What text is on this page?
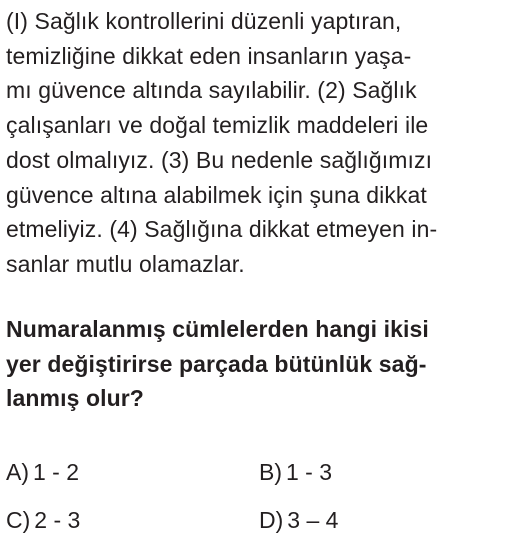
(I) Sağlık kontrollerini düzenli yaptıran,
temizliğine dikkat eden insanların yaşa-
mı güvence altında sayılabilir. (2) Sağlık
çalışanları ve doğal temizlik maddeleri ile
dost olmalıyız. (3) Bu nedenle sağlığımızı
güvence altına alabilmek için şuna dikkat
etmeliyiz. (4) Sağlığına dikkat etmeyen in-
sanlar mutlu olamazlar.
Numaralanmış cümlelerden hangi ikisi
yer değiştirirse parçada bütünlük sağ-
lanmış olur?
A) 1 - 2	B) 1 - 3
C) 2 - 3	D) 3 – 4
